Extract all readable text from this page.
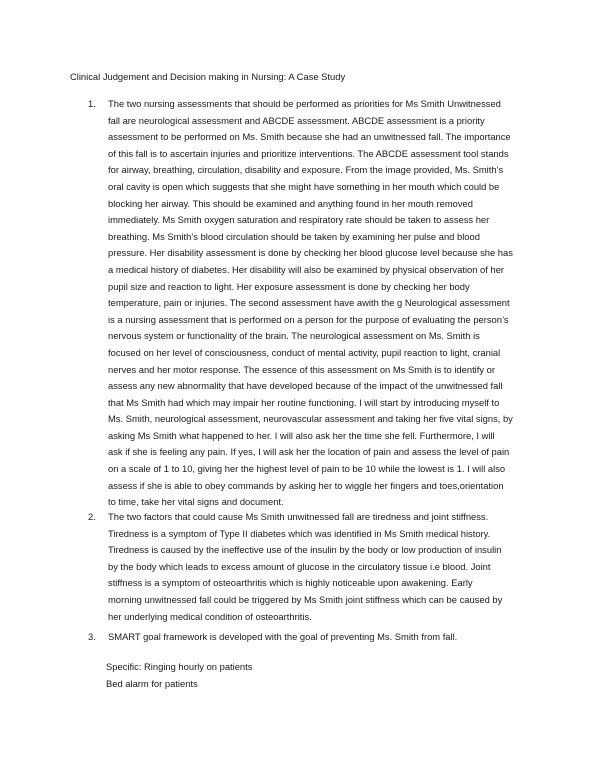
Clinical Judgement and Decision making in Nursing: A Case Study
1. The two nursing assessments that should be performed as priorities for Ms Smith Unwitnessed
fall are neurological assessment and ABCDE assessment. ABCDE assessment is a priority
assessment to be performed on Ms. Smith because she had an unwitnessed fall. The importance
of this fall is to ascertain injuries and prioritize interventions. The ABCDE assessment tool stands
for airway, breathing, circulation, disability and exposure. From the image provided, Ms. Smith’s
oral cavity is open which suggests that she might have something in her mouth which could be
blocking her airway. This should be examined and anything found in her mouth removed
immediately. Ms Smith oxygen saturation and respiratory rate should be taken to assess her
breathing. Ms Smith’s blood circulation should be taken by examining her pulse and blood
pressure. Her disability assessment is done by checking her blood glucose level because she has
a medical history of diabetes. Her disability will also be examined by physical observation of her
pupil size and reaction to light. Her exposure assessment is done by checking her body
temperature, pain or injuries. The second assessment have awith the g Neurological assessment
is a nursing assessment that is performed on a person for the purpose of evaluating the person’s
nervous system or functionality of the brain. The neurological assessment on Ms. Smith is
focused on her level of consciousness, conduct of mental activity, pupil reaction to light, cranial
nerves and her motor response. The essence of this assessment on Ms Smith is to identify or
assess any new abnormality that have developed because of the impact of the unwitnessed fall
that Ms Smith had which may impair her routine functioning. I will start by introducing myself to
Ms. Smith, neurological assessment, neurovascular assessment and taking her five vital signs, by
asking Ms Smith what happened to her. I will also ask her the time she fell. Furthermore, I will
ask if she is feeling any pain. If yes, I will ask her the location of pain and assess the level of pain
on a scale of 1 to 10, giving her the highest level of pain to be 10 while the lowest is 1. I will also
assess if she is able to obey commands by asking her to wiggle her fingers and toes,orientation
to time, take her vital signs and document.
2. The two factors that could cause Ms Smith unwitnessed fall are tiredness and joint stiffness.
Tiredness is a symptom of Type II diabetes which was identified in Ms Smith medical history.
Tiredness is caused by the ineffective use of the insulin by the body or low production of insulin
by the body which leads to excess amount of glucose in the circulatory tissue i.e blood. Joint
stiffness is a symptom of osteoarthritis which is highly noticeable upon awakening. Early
morning unwitnessed fall could be triggered by Ms Smith joint stiffness which can be caused by
her underlying medical condition of osteoarthritis.
3. SMART goal framework is developed with the goal of preventing Ms. Smith from fall.
Specific: Ringing hourly on patients
Bed alarm for patients
